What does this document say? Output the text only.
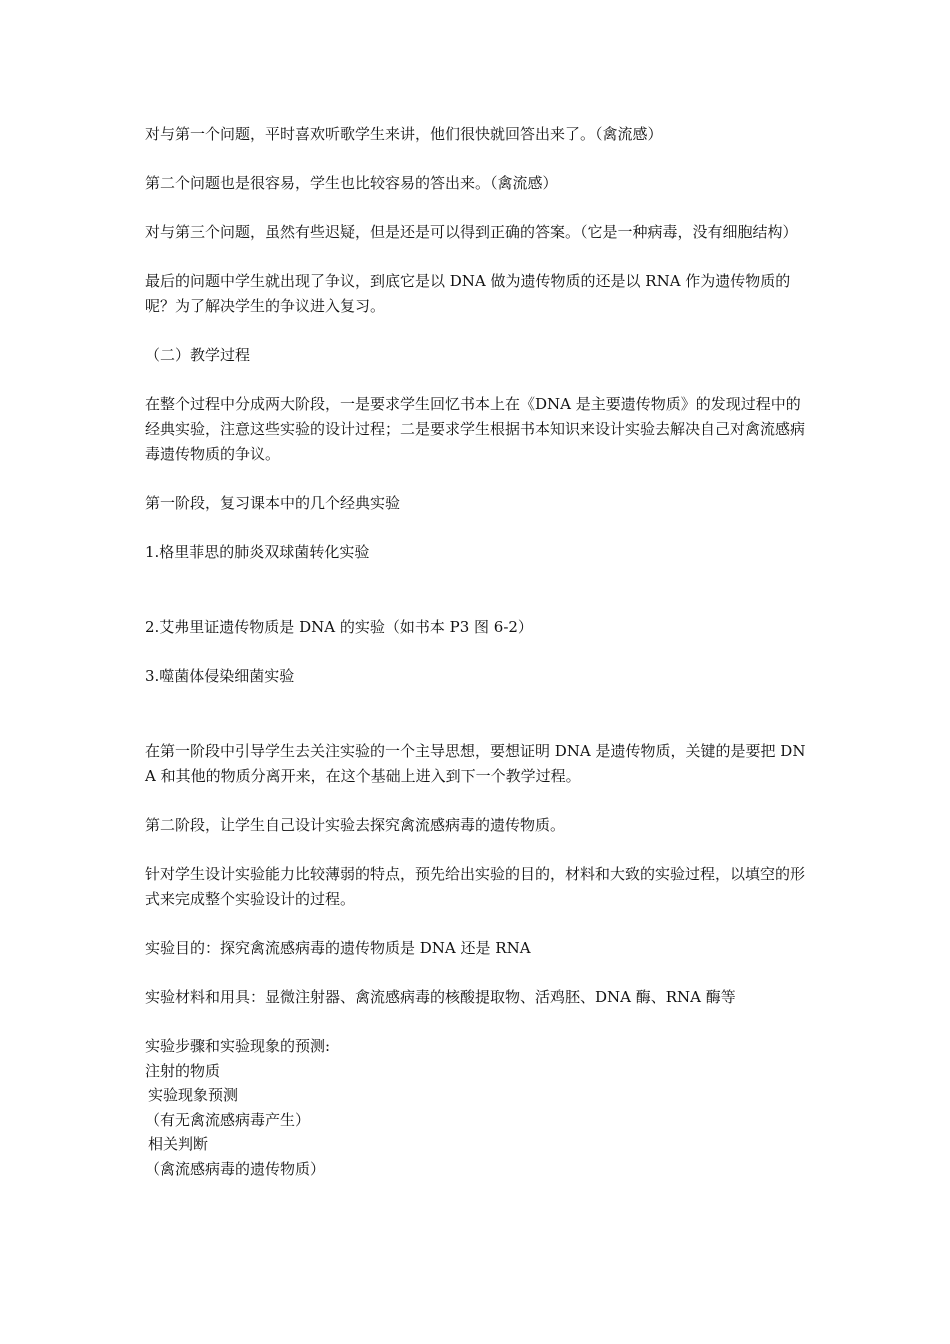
对与第一个问题，平时喜欢听歌学生来讲，他们很快就回答出来了。（禽流感）

第二个问题也是很容易，学生也比较容易的答出来。（禽流感）

对与第三个问题，虽然有些迟疑，但是还是可以得到正确的答案。（它是一种病毒，没有细胞结构）

最后的问题中学生就出现了争议，到底它是以 DNA 做为遗传物质的还是以 RNA 作为遗传物质的呢？为了解决学生的争议进入复习。

（二）教学过程

在整个过程中分成两大阶段，一是要求学生回忆书本上在《DNA 是主要遗传物质》的发现过程中的经典实验，注意这些实验的设计过程；二是要求学生根据书本知识来设计实验去解决自己对禽流感病毒遗传物质的争议。

第一阶段，复习课本中的几个经典实验

1.格里菲思的肺炎双球菌转化实验

2.艾弗里证遗传物质是 DNA 的实验（如书本 P3 图 6-2）

3.噬菌体侵染细菌实验

在第一阶段中引导学生去关注实验的一个主导思想，要想证明 DNA 是遗传物质，关键的是要把 DNA 和其他的物质分离开来，在这个基础上进入到下一个教学过程。

第二阶段，让学生自己设计实验去探究禽流感病毒的遗传物质。

针对学生设计实验能力比较薄弱的特点，预先给出实验的目的，材料和大致的实验过程，以填空的形式来完成整个实验设计的过程。

实验目的：探究禽流感病毒的遗传物质是 DNA 还是 RNA

实验材料和用具：显微注射器、禽流感病毒的核酸提取物、活鸡胚、DNA 酶、RNA 酶等

实验步骤和实验现象的预测:
注射的物质
实验现象预测
（有无禽流感病毒产生）
相关判断
（禽流感病毒的遗传物质）
